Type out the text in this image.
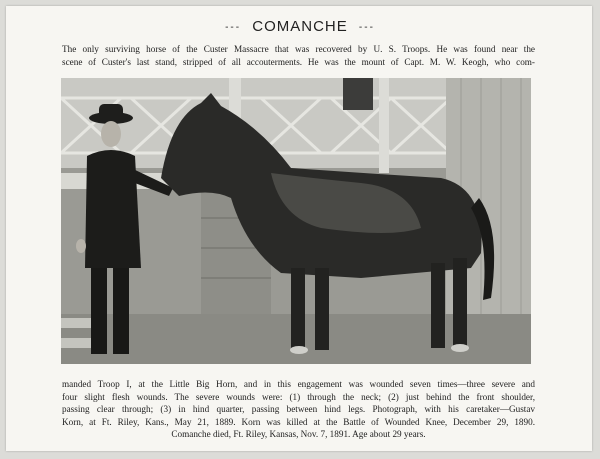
--- COMANCHE ---
The only surviving horse of the Custer Massacre that was recovered by U. S. Troops. He was found near the
scene of Custer's last stand, stripped of all accouterments. He was the mount of Capt. M. W. Keogh, who com-
manded Troop I, at the Little Big Horn, and in this engagement was wounded seven times—three severe and
four slight flesh wounds. The severe wounds were: (1) through the neck; (2) just behind the front shoulder,
passing clear through; (3) in hind quarter, passing between hind legs. Photograph, with his caretaker—Gustav
Korn, at Ft. Riley, Kans., May 21, 1889. Korn was killed at the Battle of Wounded Knee, December 29, 1890.
Comanche died, Ft. Riley, Kansas, Nov. 7, 1891. Age about 29 years.
